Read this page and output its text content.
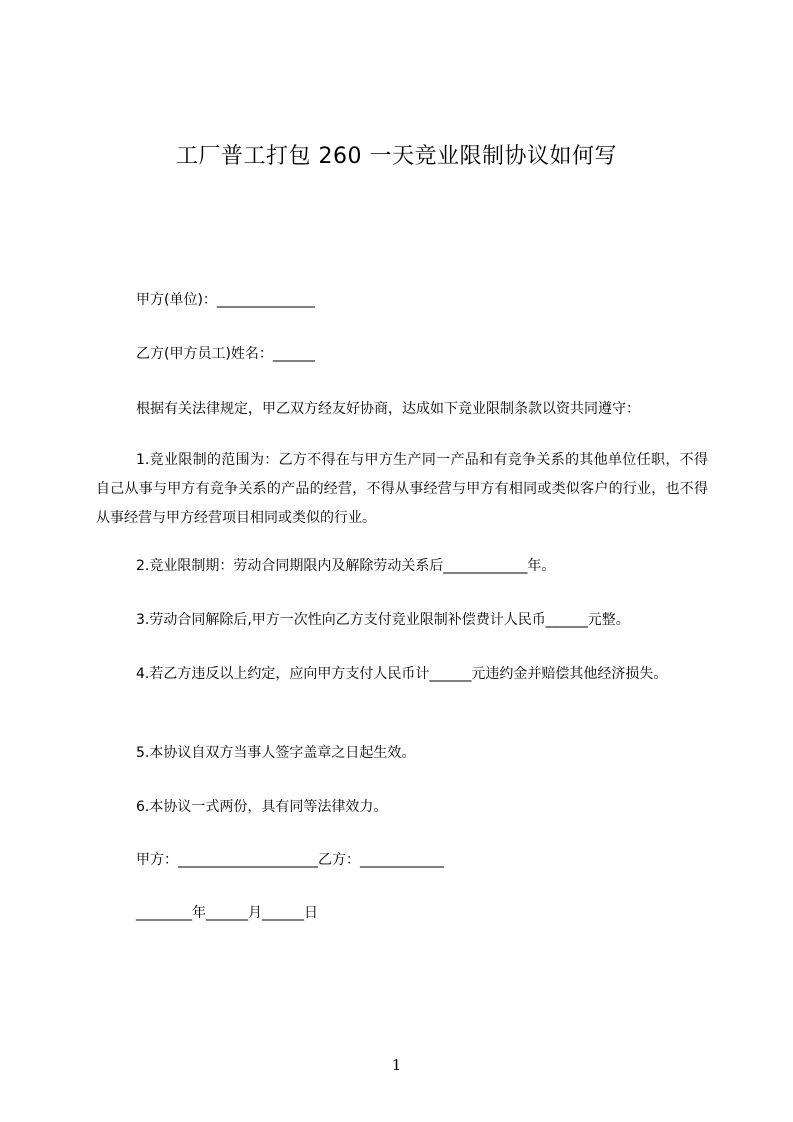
工厂普工打包 260 一天竞业限制协议如何写
甲方(单位)：______________
乙方(甲方员工)姓名：______
根据有关法律规定，甲乙双方经友好协商，达成如下竞业限制条款以资共同遵守：
1.竞业限制的范围为：乙方不得在与甲方生产同一产品和有竞争关系的其他单位任职，不得自己从事与甲方有竞争关系的产品的经营，不得从事经营与甲方有相同或类似客户的行业，也不得从事经营与甲方经营项目相同或类似的行业。
2.竞业限制期：劳动合同期限内及解除劳动关系后____________年。
3.劳动合同解除后,甲方一次性向乙方支付竞业限制补偿费计人民币______元整。
4.若乙方违反以上约定，应向甲方支付人民币计______元违约金并赔偿其他经济损失。
5.本协议自双方当事人签字盖章之日起生效。
6.本协议一式两份，具有同等法律效力。
甲方：____________________乙方：____________
________年______月______日
1
